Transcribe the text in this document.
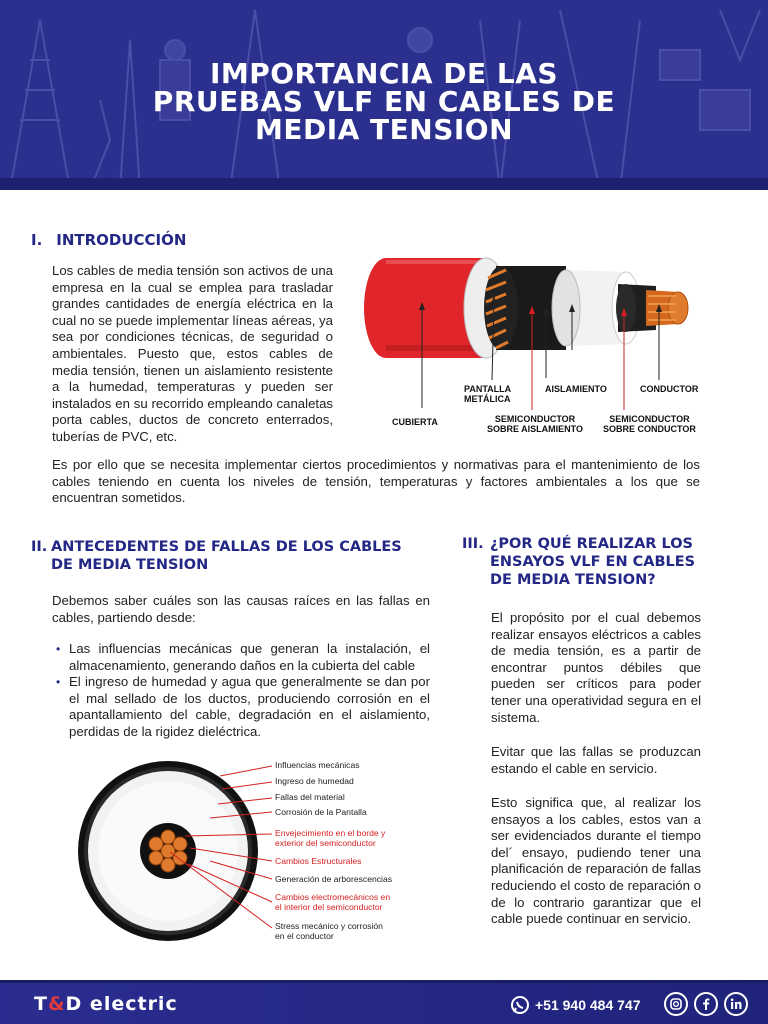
IMPORTANCIA DE LAS
PRUEBAS VLF EN CABLES DE
MEDIA TENSION
I. INTRODUCCIÓN
Los cables de media tensión son activos de una empresa en la cual se emplea para trasladar grandes cantidades de energía eléctrica en la cual no se puede implementar líneas aéreas, ya sea por condiciones técnicas, de seguridad o ambientales. Puesto que, estos cables de media tensión, tienen un aislamiento resistente a la humedad, temperaturas y pueden ser instalados en su recorrido empleando canaletas porta cables, ductos de concreto enterrados, tuberías de PVC, etc.
CUBIERTA
PANTALLA
METÁLICA
AISLAMIENTO	CONDUCTOR
SEMICONDUCTOR
SOBRE AISLAMIENTO
SEMICONDUCTOR
SOBRE CONDUCTOR
Es por ello que se necesita implementar ciertos procedimientos y normativas para el mantenimiento de los cables teniendo en cuenta los niveles de tensión, temperaturas y factores ambientales a los que se encuentran sometidos.
II. ANTECEDENTES DE FALLAS DE LOS CABLES
DE MEDIA TENSION
Debemos saber cuáles son las causas raíces en las fallas en cables, partiendo desde:
• Las influencias mecánicas que generan la instalación, el almacenamiento, generando daños en la cubierta del cable
• El ingreso de humedad y agua que generalmente se dan por el mal sellado de los ductos, produciendo corrosión en el apantallamiento del cable, degradación en el aislamiento, perdidas de la rigidez dieléctrica.
Influencias mecánicas
Ingreso de humedad
Fallas del material
Corrosión de la Pantalla
Envejecimiento en el borde y
exterior del semiconductor
Cambios Estructurales
Generación de arborescencias
Cambios electromecánicos en
el interior del semiconductor
Stress mecánico y corrosión
en el conductor
III. ¿POR QUÉ REALIZAR LOS
ENSAYOS VLF EN CABLES
DE MEDIA TENSION?
El propósito por el cual debemos realizar ensayos eléctricos a cables de media tensión, es a partir de encontrar puntos débiles que pueden ser críticos para poder tener una operatividad segura en el sistema.
Evitar que las fallas se produzcan estando el cable en servicio.
Esto significa que, al realizar los ensayos a los cables, estos van a ser evidenciados durante el tiempo del´ ensayo, pudiendo tener una planificación de reparación de fallas reduciendo el costo de reparación o de lo contrario garantizar que el cable puede continuar en servicio.
T&D electric	+51 940 484 747
